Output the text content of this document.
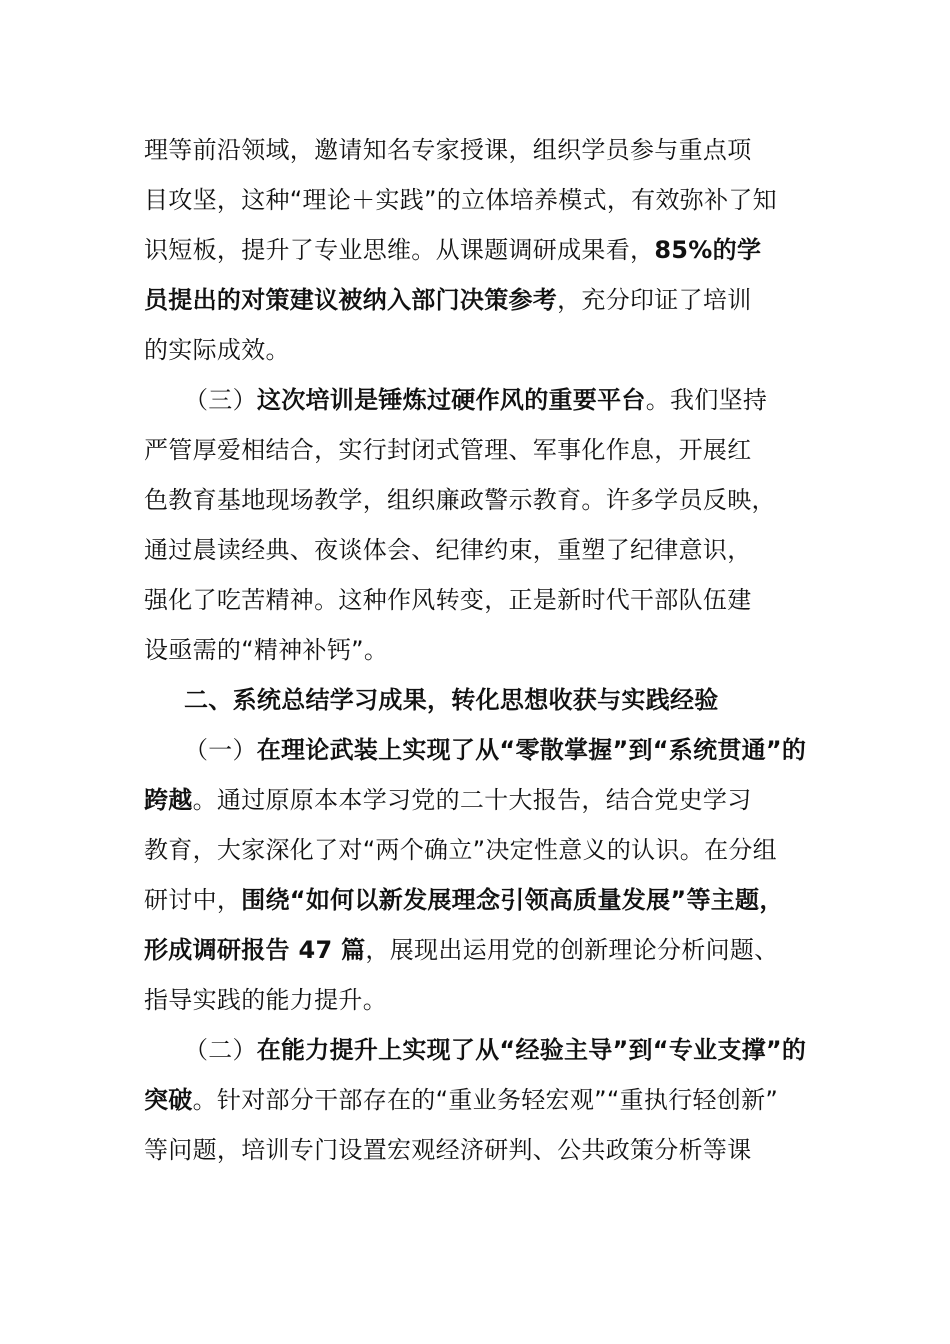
理等前沿领域，邀请知名专家授课，组织学员参与重点项
目攻坚，这种“理论＋实践”的立体培养模式，有效弥补了知
识短板，提升了专业思维。从课题调研成果看，85%的学
员提出的对策建议被纳入部门决策参考，充分印证了培训
的实际成效。
（三）这次培训是锤炼过硬作风的重要平台。我们坚持
严管厚爱相结合，实行封闭式管理、军事化作息，开展红
色教育基地现场教学，组织廉政警示教育。许多学员反映，
通过晨读经典、夜谈体会、纪律约束，重塑了纪律意识，
强化了吃苦精神。这种作风转变，正是新时代干部队伍建
设亟需的“精神补钙”。
二、系统总结学习成果，转化思想收获与实践经验
（一）在理论武装上实现了从“零散掌握”到“系统贯通”的
跨越。通过原原本本学习党的二十大报告，结合党史学习
教育，大家深化了对“两个确立”决定性意义的认识。在分组
研讨中，围绕“如何以新发展理念引领高质量发展”等主题，
形成调研报告 47 篇，展现出运用党的创新理论分析问题、
指导实践的能力提升。
（二）在能力提升上实现了从“经验主导”到“专业支撑”的
突破。针对部分干部存在的“重业务轻宏观”“重执行轻创新”
等问题，培训专门设置宏观经济研判、公共政策分析等课
